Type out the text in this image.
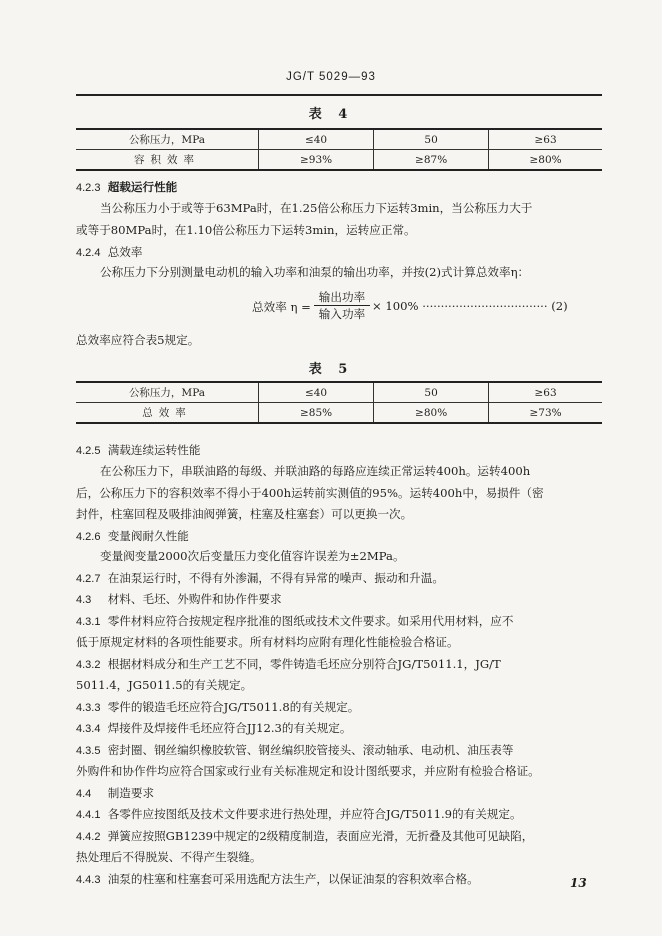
JG/T 5029—93
表 4
公称压力，MPa	≤40	50	≥63
容积效率	≥93%	≥87%	≥80%
4.2.3 超载运行性能
当公称压力小于或等于63MPa时，在1.25倍公称压力下运转3min，当公称压力大于
或等于80MPa时，在1.10倍公称压力下运转3min，运转应正常。
4.2.4 总效率
公称压力下分别测量电动机的输入功率和油泵的输出功率，并按(2)式计算总效率η：
总效率 η =
输出功率
输入功率
× 100% ·································· (2)
总效率应符合表5规定。
表 5
公称压力，MPa	≤40	50	≥63
总效率	≥85%	≥80%	≥73%
4.2.5 满载连续运转性能
在公称压力下，串联油路的每级、并联油路的每路应连续正常运转400h。运转400h
后，公称压力下的容积效率不得小于400h运转前实测值的95%。运转400h中，易损件（密
封件，柱塞回程及吸排油阀弹簧，柱塞及柱塞套）可以更换一次。
4.2.6 变量阀耐久性能
变量阀变量2000次后变量压力变化值容许误差为±2MPa。
4.2.7 在油泵运行时，不得有外渗漏，不得有异常的噪声、振动和升温。
4.3 材料、毛坯、外购件和协作件要求
4.3.1 零件材料应符合按规定程序批准的图纸或技术文件要求。如采用代用材料，应不
低于原规定材料的各项性能要求。所有材料均应附有理化性能检验合格证。
4.3.2 根据材料成分和生产工艺不同，零件铸造毛坯应分别符合JG/T5011.1，JG/T
5011.4，JG5011.5的有关规定。
4.3.3 零件的锻造毛坯应符合JG/T5011.8的有关规定。
4.3.4 焊接件及焊接件毛坯应符合JJ12.3的有关规定。
4.3.5 密封圈、钢丝编织橡胶软管、钢丝编织胶管接头、滚动轴承、电动机、油压表等
外购件和协作件均应符合国家或行业有关标准规定和设计图纸要求，并应附有检验合格证。
4.4 制造要求
4.4.1 各零件应按图纸及技术文件要求进行热处理，并应符合JG/T5011.9的有关规定。
4.4.2 弹簧应按照GB1239中规定的2级精度制造，表面应光滑，无折叠及其他可见缺陷，
热处理后不得脱炭、不得产生裂缝。
4.4.3 油泵的柱塞和柱塞套可采用选配方法生产，以保证油泵的容积效率合格。	13
